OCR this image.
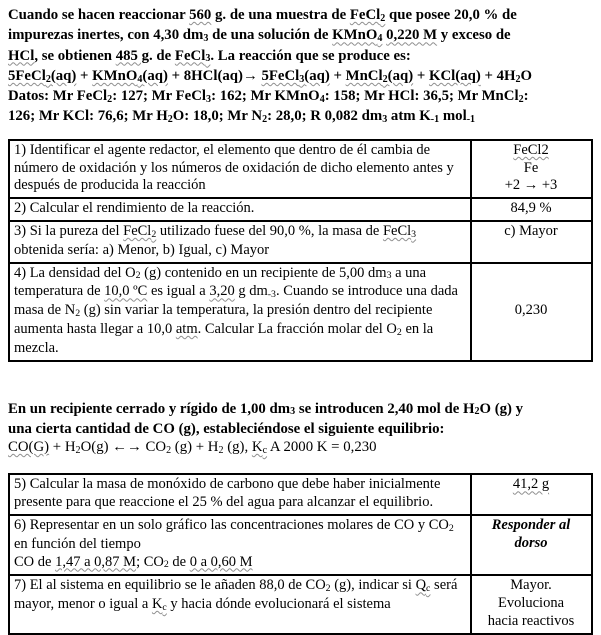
Cuando se hacen reaccionar 560 g. de una muestra de FeCl2 que posee 20,0 % de
impurezas inertes, con 4,30 dm3 de una solución de KMnO4 0,220 M y exceso de
HCl, se obtienen 485 g. de FeCl3. La reacción que se produce es:
5FeCl2(aq) + KMnO4(aq) + 8HCl(aq)→ 5FeCl3(aq) + MnCl2(aq) + KCl(aq) + 4H2O
Datos: Mr FeCl2: 127; Mr FeCl3: 162; Mr KMnO4: 158; Mr HCl: 36,5; Mr MnCl2:
126; Mr KCl: 76,6; Mr H2O: 18,0; Mr N2: 28,0; R 0,082 dm3 atm K-1 mol-1

1) Identificar el agente redactor, el elemento que dentro de él cambia de número de oxidación y los números de oxidación de dicho elemento antes y después de producida la reacción	FeCl2
Fe
+2 → +3
2) Calcular el rendimiento de la reacción.	84,9 %
3) Si la pureza del FeCl2 utilizado fuese del 90,0 %, la masa de FeCl3 obtenida sería: a) Menor, b) Igual, c) Mayor	c) Mayor
4) La densidad del O2 (g) contenido en un recipiente de 5,00 dm3 a una temperatura de 10,0 ºC es igual a 3,20 g dm-3. Cuando se introduce una dada masa de N2 (g) sin variar la temperatura, la presión dentro del recipiente aumenta hasta llegar a 10,0 atm. Calcular La fracción molar del O2 en la mezcla.	0,230

En un recipiente cerrado y rígido de 1,00 dm3 se introducen 2,40 mol de H2O (g) y
una cierta cantidad de CO (g), estableciéndose el siguiente equilibrio:
CO(G) + H2O(g) ←→ CO2 (g) + H2 (g), Kc A 2000 K = 0,230

5) Calcular la masa de monóxido de carbono que debe haber inicialmente presente para que reaccione el 25 % del agua para alcanzar el equilibrio.	41,2 g
6) Representar en un solo gráfico las concentraciones molares de CO y CO2 en función del tiempo
CO de 1,47 a 0,87 M; CO2 de 0 a 0,60 M	Responder al
dorso
7) El al sistema en equilibrio se le añaden 88,0 de CO2 (g), indicar si Qc será mayor, menor o igual a Kc y hacia dónde evolucionará el sistema	Mayor.
Evoluciona
hacia reactivos
